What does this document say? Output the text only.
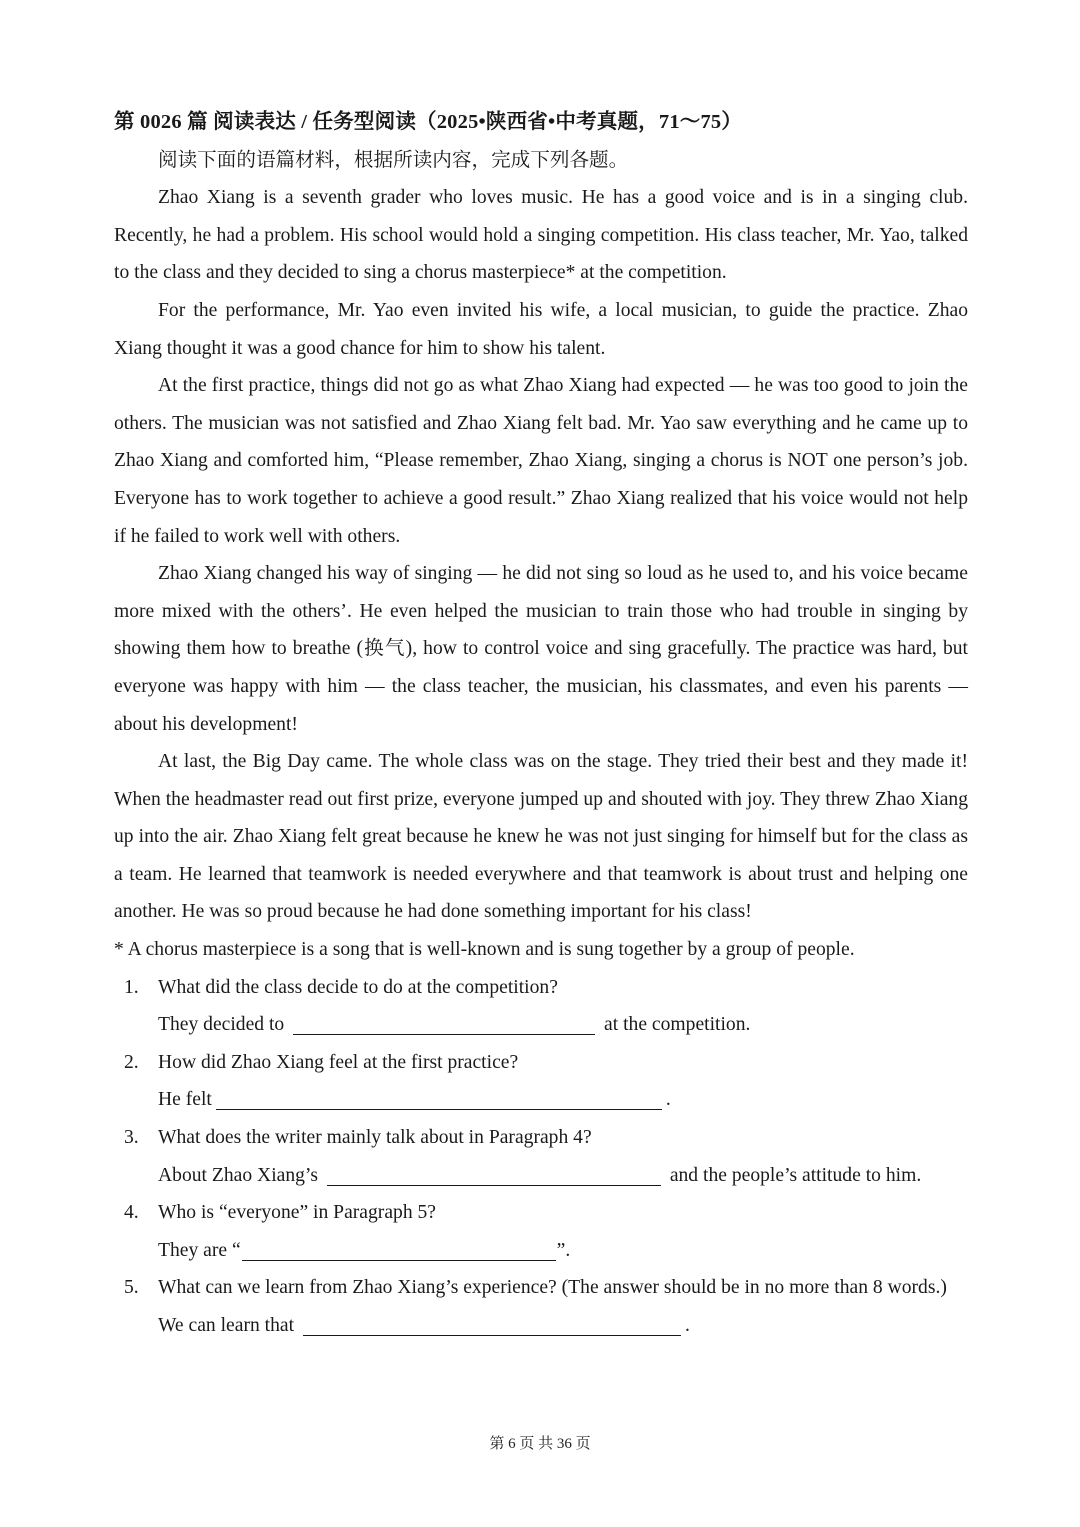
第 0026 篇 阅读表达 / 任务型阅读（2025•陕西省•中考真题，71～75）

阅读下面的语篇材料，根据所读内容，完成下列各题。

Zhao Xiang is a seventh grader who loves music. He has a good voice and is in a singing club. Recently, he had a problem. His school would hold a singing competition. His class teacher, Mr. Yao, talked to the class and they decided to sing a chorus masterpiece* at the competition.

For the performance, Mr. Yao even invited his wife, a local musician, to guide the practice. Zhao Xiang thought it was a good chance for him to show his talent.

At the first practice, things did not go as what Zhao Xiang had expected — he was too good to join the others. The musician was not satisfied and Zhao Xiang felt bad. Mr. Yao saw everything and he came up to Zhao Xiang and comforted him, “Please remember, Zhao Xiang, singing a chorus is NOT one person’s job. Everyone has to work together to achieve a good result.” Zhao Xiang realized that his voice would not help if he failed to work well with others.

Zhao Xiang changed his way of singing — he did not sing so loud as he used to, and his voice became more mixed with the others’. He even helped the musician to train those who had trouble in singing by showing them how to breathe (换气), how to control voice and sing gracefully. The practice was hard, but everyone was happy with him — the class teacher, the musician, his classmates, and even his parents — about his development!

At last, the Big Day came. The whole class was on the stage. They tried their best and they made it! When the headmaster read out first prize, everyone jumped up and shouted with joy. They threw Zhao Xiang up into the air. Zhao Xiang felt great because he knew he was not just singing for himself but for the class as a team. He learned that teamwork is needed everywhere and that teamwork is about trust and helping one another. He was so proud because he had done something important for his class!

* A chorus masterpiece is a song that is well-known and is sung together by a group of people.

1. What did the class decide to do at the competition?
They decided to	at the competition.
2. How did Zhao Xiang feel at the first practice?
He felt	.
3. What does the writer mainly talk about in Paragraph 4?
About Zhao Xiang’s	and the people’s attitude to him.
4. Who is “everyone” in Paragraph 5?
They are “	”.
5. What can we learn from Zhao Xiang’s experience? (The answer should be in no more than 8 words.)
We can learn that	.
第 6 页 共 36 页
